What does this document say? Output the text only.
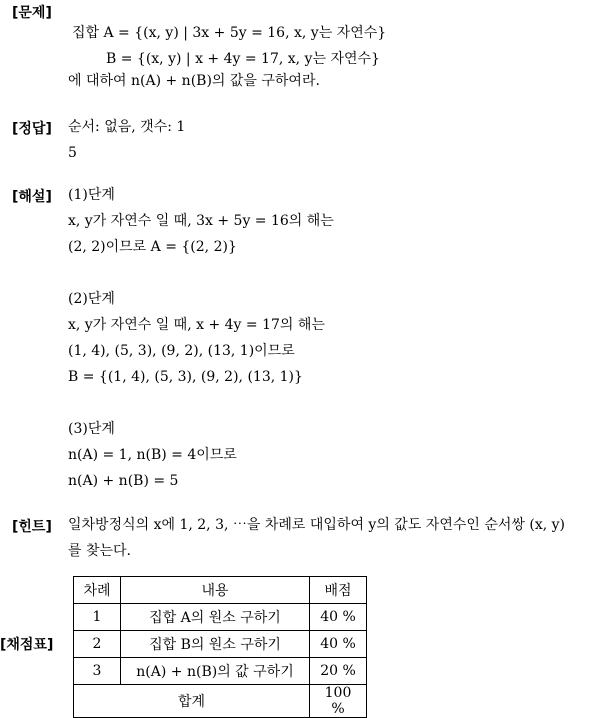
[문제]
집합 A = {(x, y) | 3x + 5y = 16, x, y는 자연수}
B = {(x, y) | x + 4y = 17, x, y는 자연수}
에 대하여 n(A) + n(B)의 값을 구하여라.
[정답] 순서: 없음, 갯수: 1
5
[해설] (1)단계
x, y가 자연수 일 때, 3x + 5y = 16의 해는
(2, 2)이므로 A = {(2, 2)}
(2)단계
x, y가 자연수 일 때, x + 4y = 17의 해는
(1, 4), (5, 3), (9, 2), (13, 1)이므로
B = {(1, 4), (5, 3), (9, 2), (13, 1)}
(3)단계
n(A) = 1, n(B) = 4이므로
n(A) + n(B) = 5
[힌트] 일차방정식의 x에 1, 2, 3, ⋯을 차례로 대입하여 y의 값도 자연수인 순서쌍 (x, y)
를 찾는다.
[채점표]
차례	내용	배점
1	집합 A의 원소 구하기	40 %
2	집합 B의 원소 구하기	40 %
3	n(A) + n(B)의 값 구하기	20 %
합계		100 %
